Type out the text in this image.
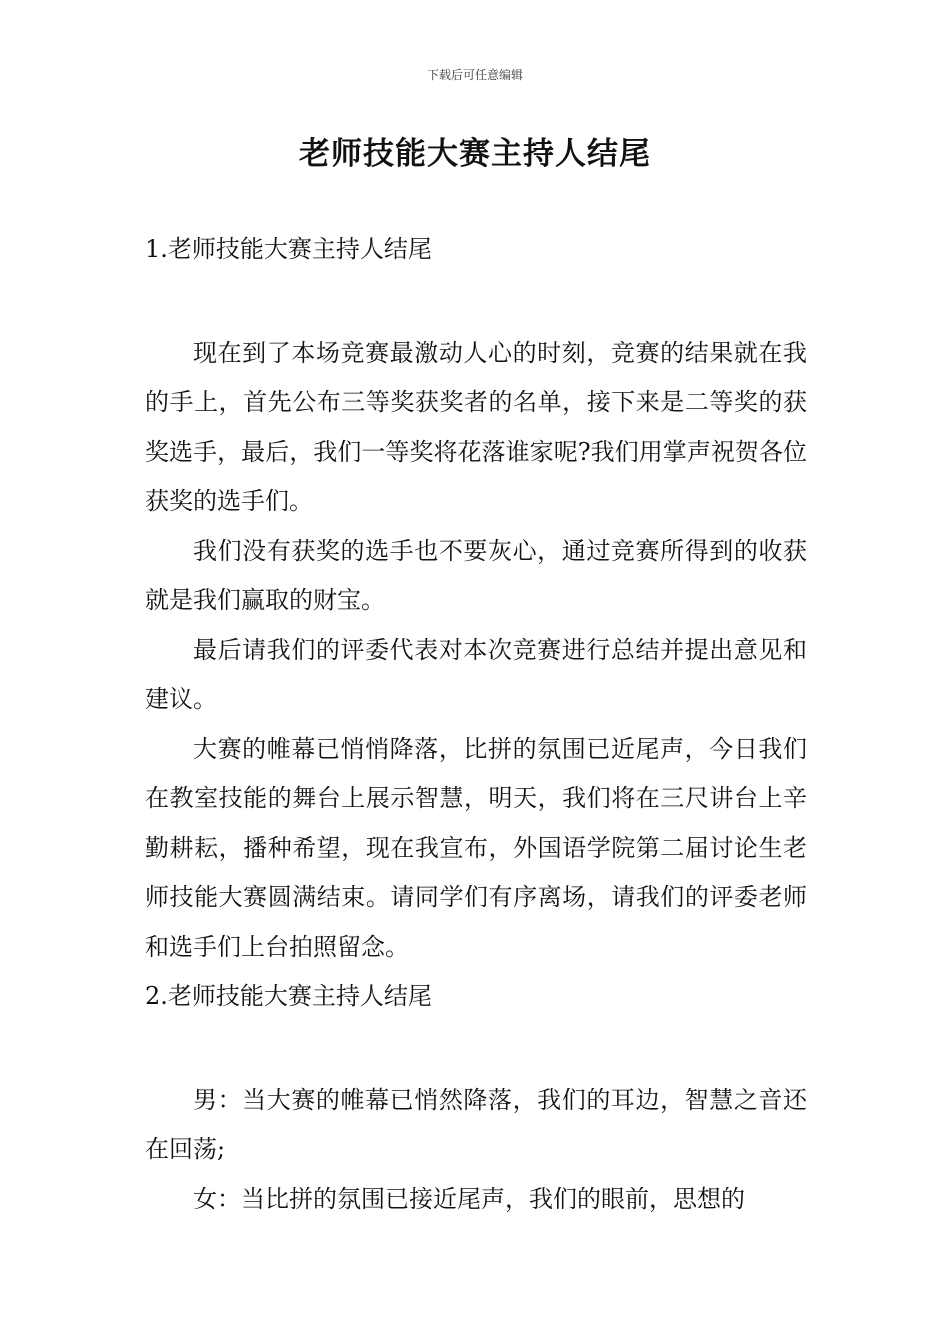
下载后可任意编辑
老师技能大赛主持人结尾

1.老师技能大赛主持人结尾

现在到了本场竞赛最激动人心的时刻，竞赛的结果就在我的手上，首先公布三等奖获奖者的名单，接下来是二等奖的获奖选手，最后，我们一等奖将花落谁家呢?我们用掌声祝贺各位获奖的选手们。

我们没有获奖的选手也不要灰心，通过竞赛所得到的收获就是我们赢取的财宝。

最后请我们的评委代表对本次竞赛进行总结并提出意见和建议。

大赛的帷幕已悄悄降落，比拼的氛围已近尾声，今日我们在教室技能的舞台上展示智慧，明天，我们将在三尺讲台上辛勤耕耘，播种希望，现在我宣布，外国语学院第二届讨论生老师技能大赛圆满结束。请同学们有序离场，请我们的评委老师和选手们上台拍照留念。

2.老师技能大赛主持人结尾

男：当大赛的帷幕已悄然降落，我们的耳边，智慧之音还在回荡;

女：当比拼的氛围已接近尾声，我们的眼前，思想的
